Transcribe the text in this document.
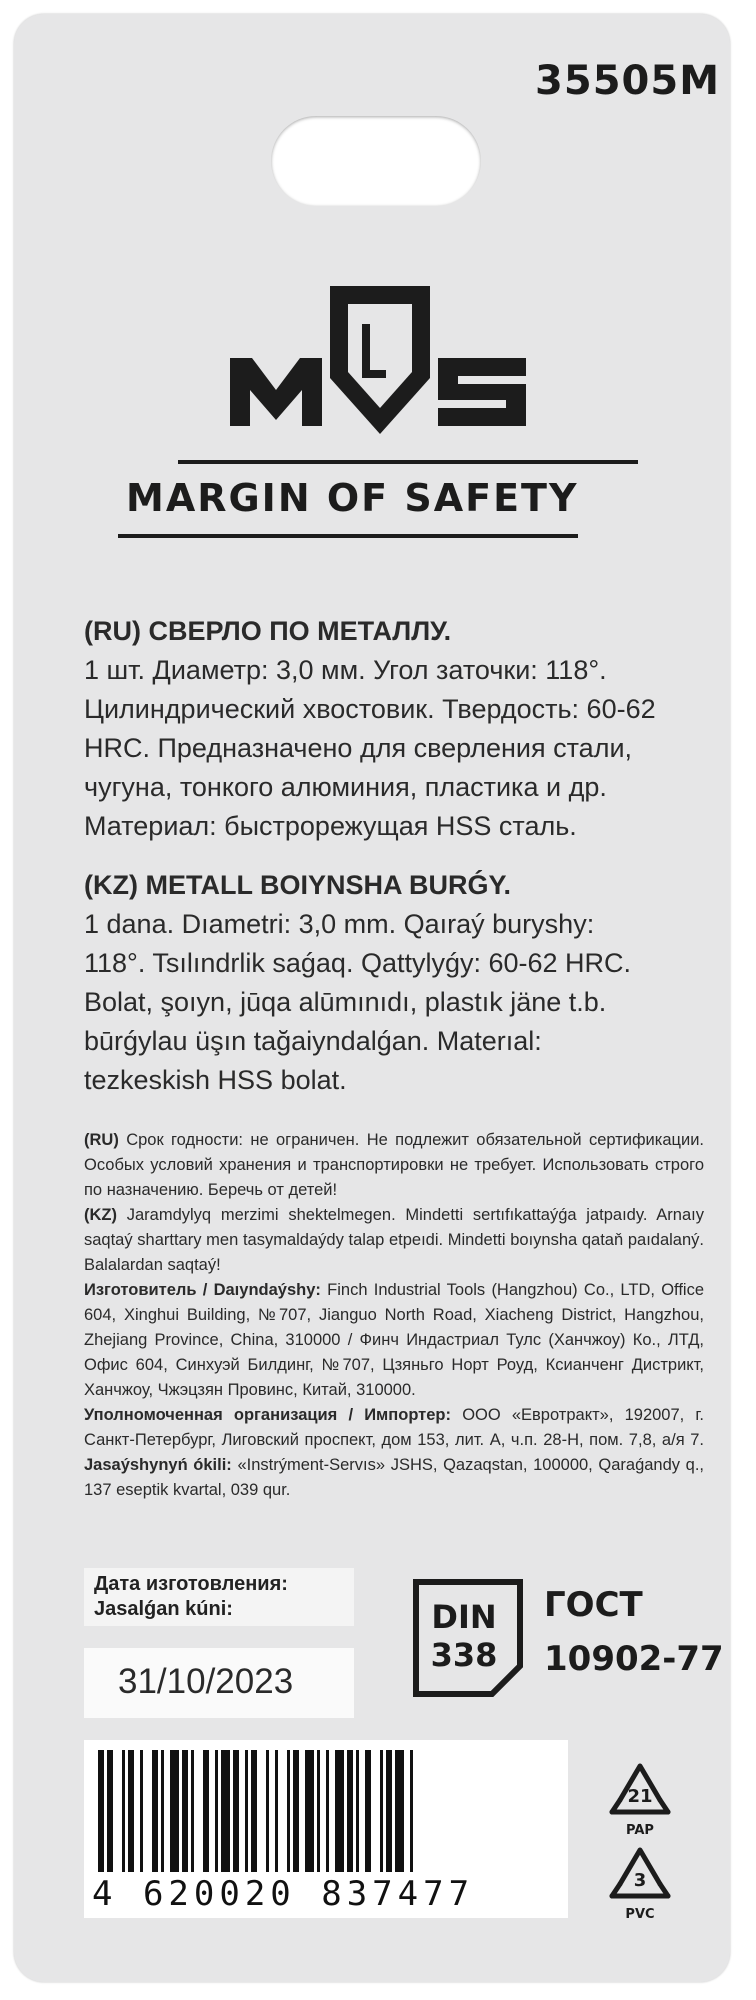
35505M
MARGIN OF SAFETY
(RU) СВЕРЛО ПО МЕТАЛЛУ.
1 шт. Диаметр: 3,0 мм. Угол заточки: 118°.
Цилиндрический хвостовик. Твердость: 60-62
HRC. Предназначено для сверления стали,
чугуна, тонкого алюминия, пластика и др.
Материал: быстрорежущая HSS сталь.
(KZ) METALL BOIYNSHA BURǴY.
1 dana. Dıametri: 3,0 mm. Qaıraý buryshy:
118°. Tsılındrlik saǵaq. Qattylyǵy: 60-62 HRC.
Bolat, şoıyn, jūqa alūmınıdı, plastık jäne t.b.
būrǵylau üşın tağaiyndalǵan. Materıal:
tezkeskish HSS bolat.
(RU) Срок годности: не ограничен. Не подлежит обязательной сертификации. Особых условий хранения и транспортировки не требует. Использовать строго по назначению. Беречь от детей!
(KZ) Jaramdylyq merzimi shektelmegen. Mindetti sertıfıkattaýǵa jatpaıdy. Arnaıy saqtaý sharttary men tasymaldaýdy talap etpeıdi. Mindetti boıynsha qataň paıdalaný. Balalardan saqtaý!
Изготовитель / Daıyndaýshy: Finch Industrial Tools (Hangzhou) Co., LTD, Office 604, Xinghui Building, №707, Jianguo North Road, Xiacheng District, Hangzhou, Zhejiang Province, China, 310000 / Финч Индастриал Тулс (Ханчжоу) Ко., ЛТД, Офис 604, Синхуэй Билдинг, №707, Цзяньго Норт Роуд, Ксианченг Дистрикт, Ханчжоу, Чжэцзян Провинс, Китай, 310000.
Уполномоченная организация / Импортер: ООО «Евротракт», 192007, г. Санкт-Петербург, Лиговский проспект, дом 153, лит. А, ч.п. 28-Н, пом. 7,8, а/я 7. Jasaýshynyń ókili: «Instrýment-Servıs» JSHS, Qazaqstan, 100000, Qaraǵandy q., 137 eseptik kvartal, 039 qur.
Дата изготовления:
Jasalǵan kúni:
31/10/2023
DIN
338
ГОСТ
10902-77
4 620020 837477
21
PAP
3
PVC
